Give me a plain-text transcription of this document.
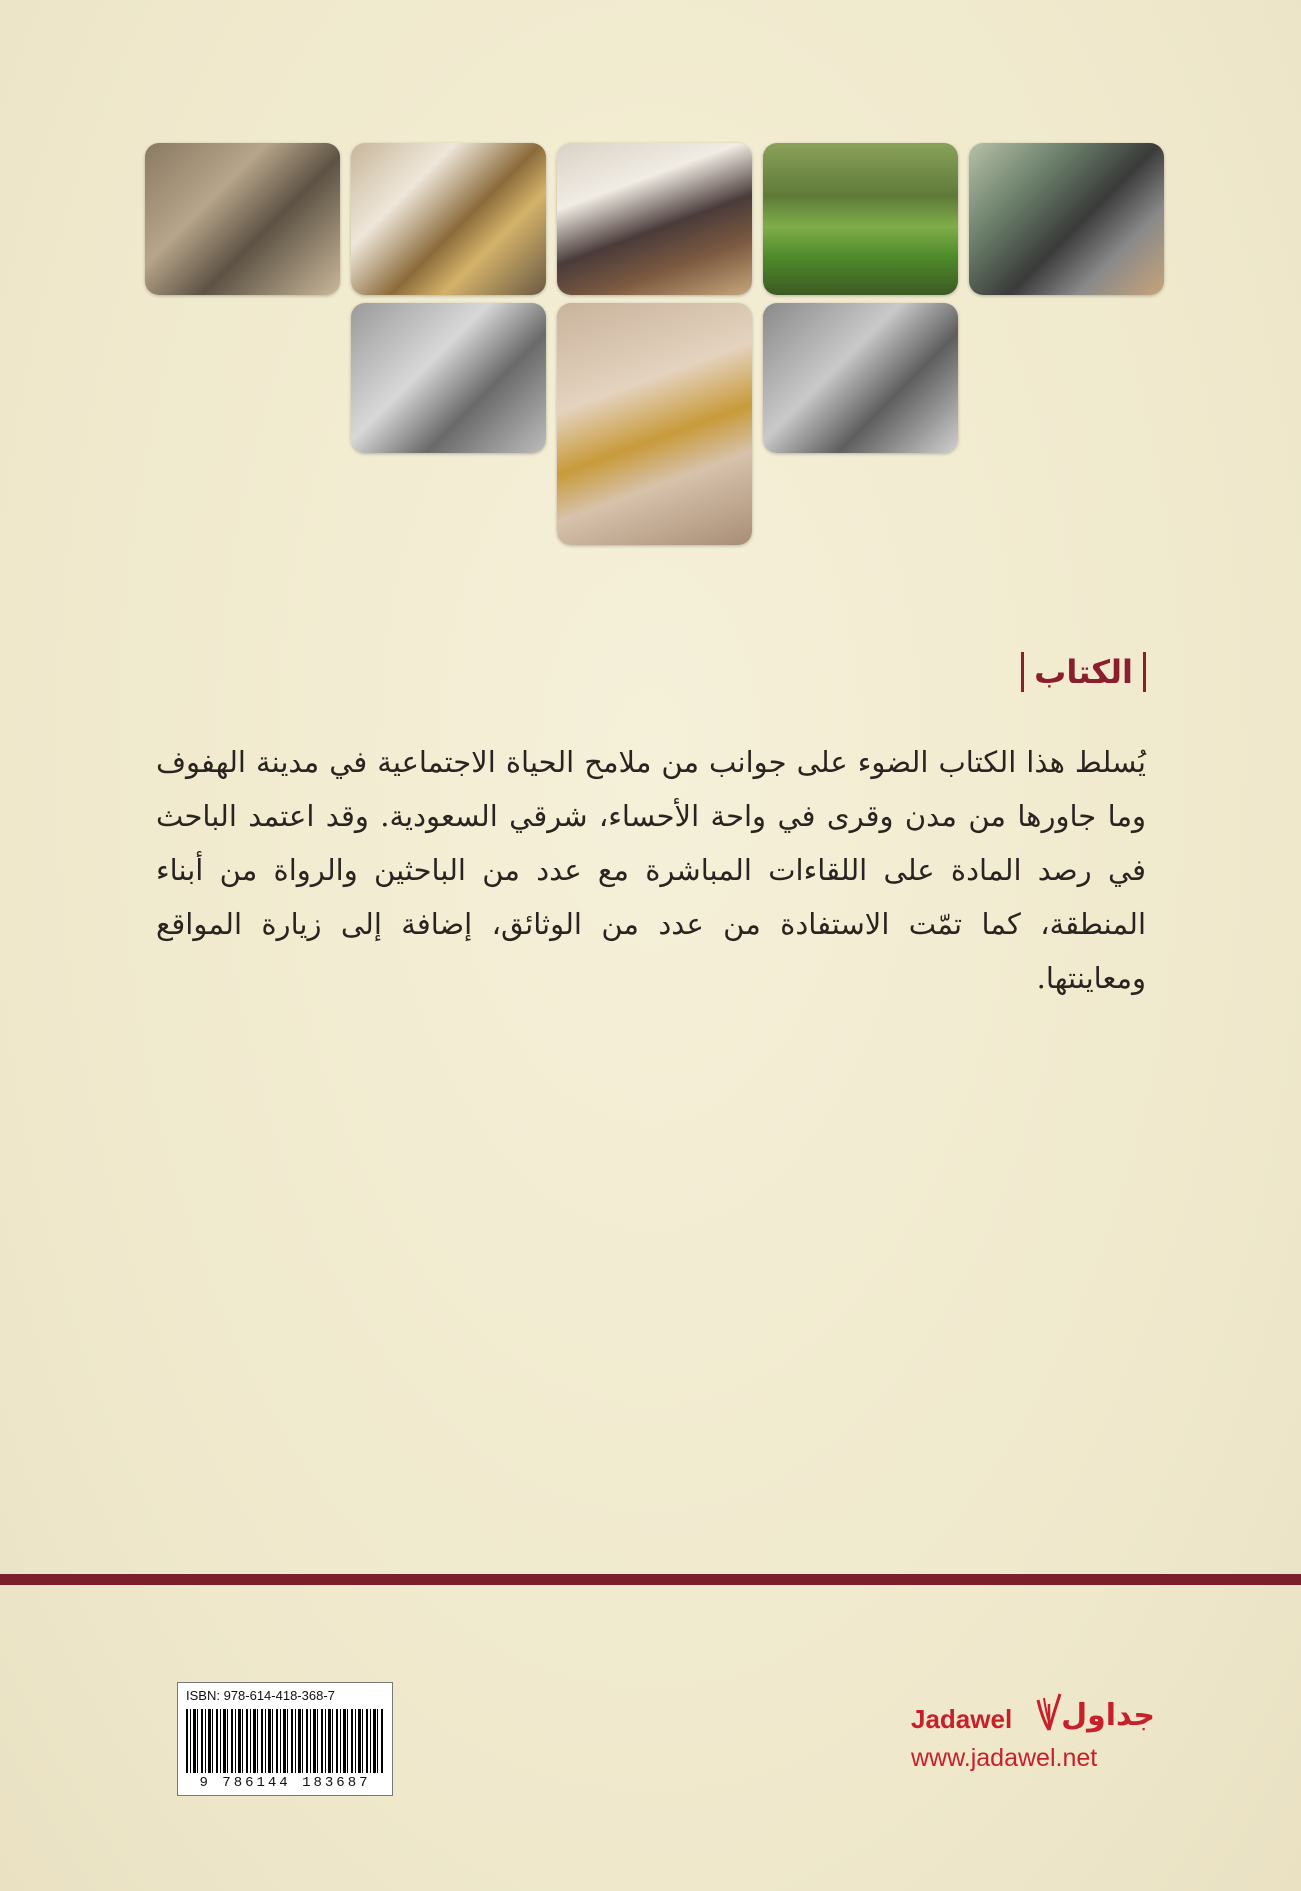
الكتاب

يُسلط هذا الكتاب الضوء على جوانب من ملامح الحياة الاجتماعية في مدينة الهفوف وما جاورها من مدن وقرى في واحة الأحساء، شرقي السعودية. وقد اعتمد الباحث في رصد المادة على اللقاءات المباشرة مع عدد من الباحثين والرواة من أبناء المنطقة، كما تمّت الاستفادة من عدد من الوثائق، إضافة إلى زيارة المواقع ومعاينتها.

ISBN: 978-614-418-368-7
9 786144 183687
Jadawel جداول
www.jadawel.net
